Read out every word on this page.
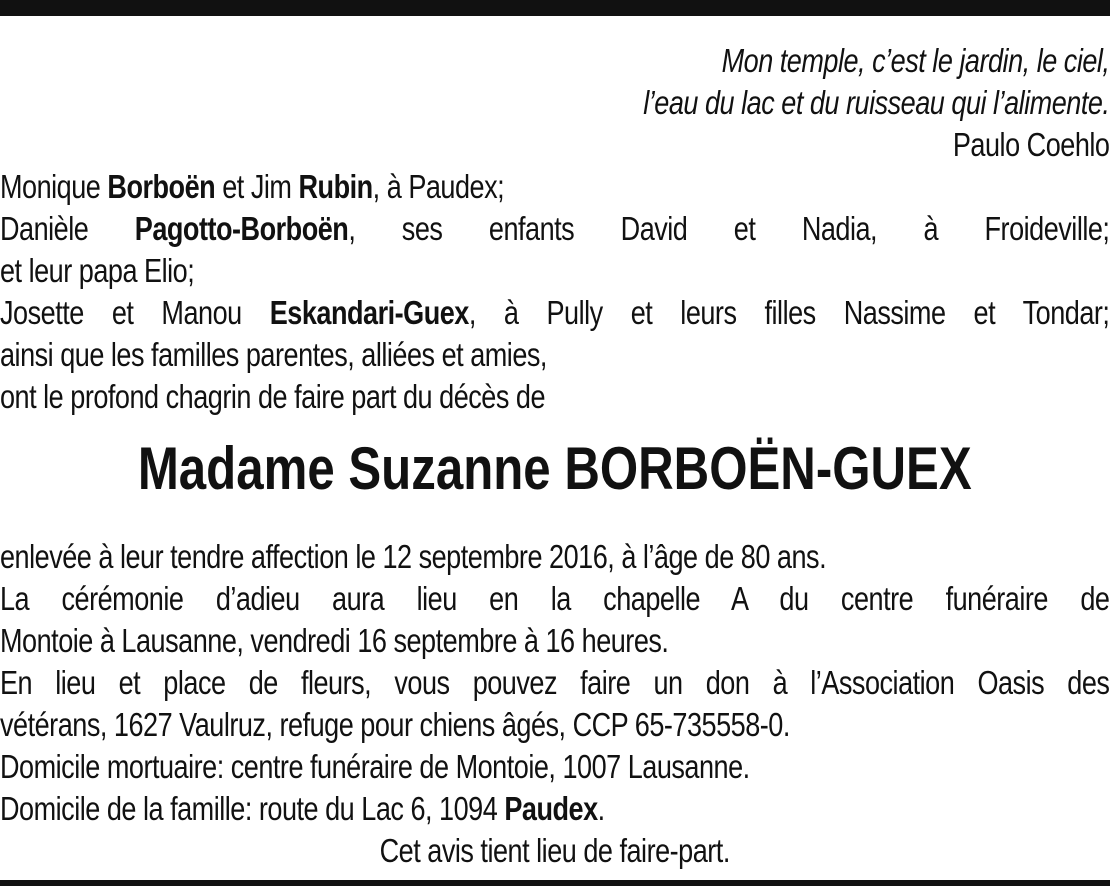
Mon temple, c’est le jardin, le ciel,

l’eau du lac et du ruisseau qui l’alimente.

Paulo Coehlo

Monique Borboën et Jim Rubin, à Paudex;

Danièle Pagotto-Borboën, ses enfants David et Nadia, à Froideville;

et leur papa Elio;

Josette et Manou Eskandari-Guex, à Pully et leurs filles Nassime et Tondar;

ainsi que les familles parentes, alliées et amies,

ont le profond chagrin de faire part du décès de

Madame Suzanne BORBOËN-GUEX

enlevée à leur tendre affection le 12 septembre 2016, à l’âge de 80 ans.

La cérémonie d’adieu aura lieu en la chapelle A du centre funéraire de

Montoie à Lausanne, vendredi 16 septembre à 16 heures.

En lieu et place de fleurs, vous pouvez faire un don à l’Association Oasis des

vétérans, 1627 Vaulruz, refuge pour chiens âgés, CCP 65-735558-0.

Domicile mortuaire: centre funéraire de Montoie, 1007 Lausanne.

Domicile de la famille: route du Lac 6, 1094 Paudex.

Cet avis tient lieu de faire-part.
